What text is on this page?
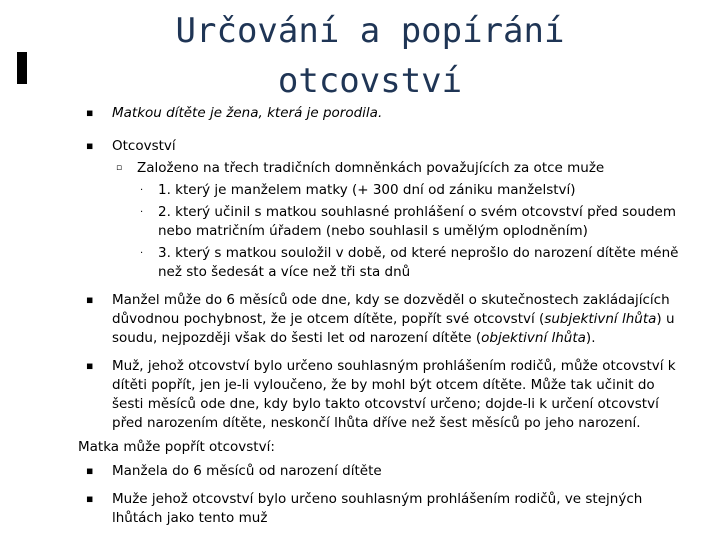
Určování a popírání otcovství
◾ Matkou dítěte je žena, která je porodila.
◾ Otcovství
▫ Založeno na třech tradičních domněnkách považujících za otce muže
· 1. který je manželem matky (+ 300 dní od zániku manželství)
· 2. který učinil s matkou souhlasné prohlášení o svém otcovství před soudem nebo matričním úřadem (nebo souhlasil s umělým oplodněním)
· 3. který s matkou souložil v době, od které neprošlo do narození dítěte méně než sto šedesát a více než tři sta dnů
◾ Manžel může do 6 měsíců ode dne, kdy se dozvěděl o skutečnostech zakládajících důvodnou pochybnost, že je otcem dítěte, popřít své otcovství (subjektivní lhůta) u soudu, nejpozději však do šesti let od narození dítěte (objektivní lhůta).
◾ Muž, jehož otcovství bylo určeno souhlasným prohlášením rodičů, může otcovství k dítěti popřít, jen je-li vyloučeno, že by mohl být otcem dítěte. Může tak učinit do šesti měsíců ode dne, kdy bylo takto otcovství určeno; dojde-li k určení otcovství před narozením dítěte, neskončí lhůta dříve než šest měsíců po jeho narození.
Matka může popřít otcovství:
◾ Manžela do 6 měsíců od narození dítěte
◾ Muže jehož otcovství bylo určeno souhlasným prohlášením rodičů, ve stejných lhůtách jako tento muž
